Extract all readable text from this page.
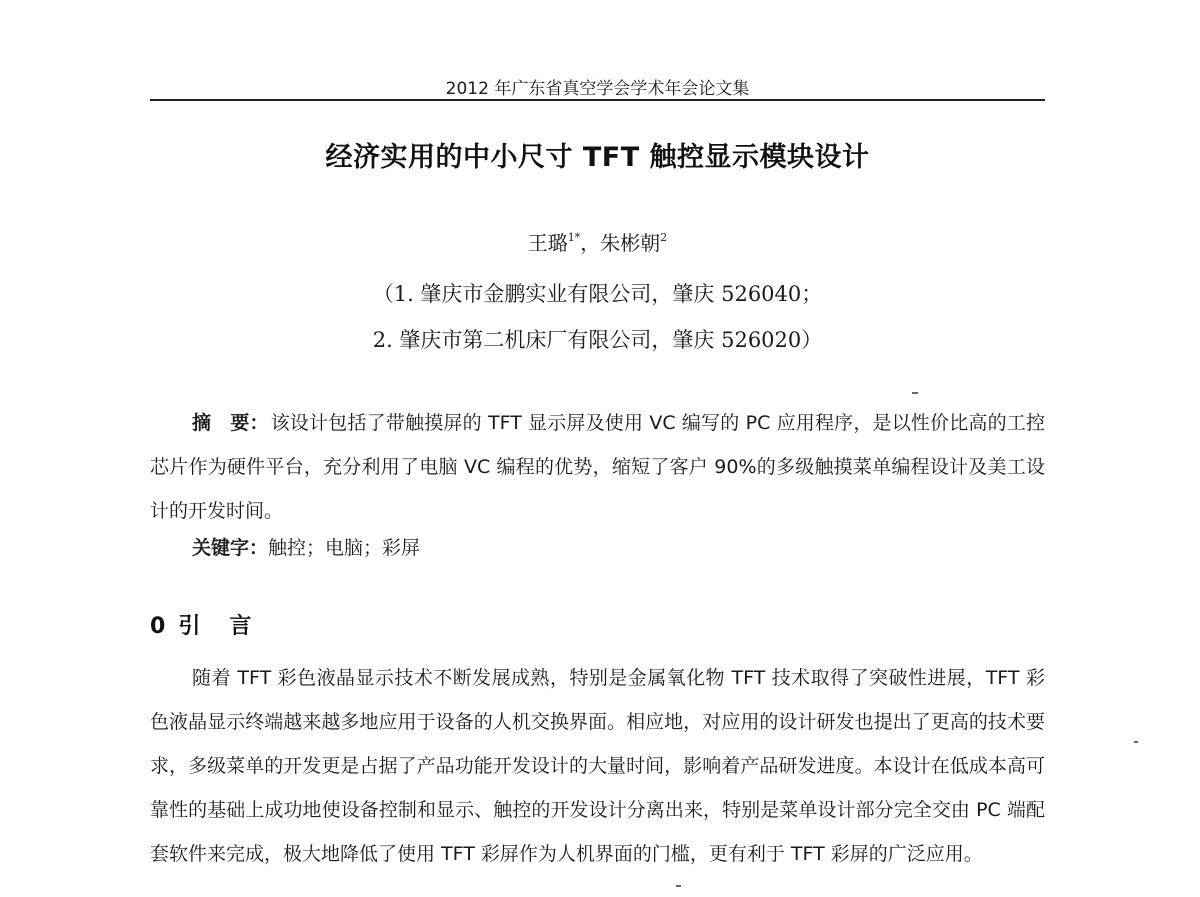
2012 年广东省真空学会学术年会论文集
经济实用的中小尺寸 TFT 触控显示模块设计
王璐$^{1*}$，朱彬朝$^2$
（1. 肇庆市金鹏实业有限公司，肇庆 526040；
2. 肇庆市第二机床厂有限公司，肇庆 526020）
摘　要： 该设计包括了带触摸屏的 TFT 显示屏及使用 VC 编写的 PC 应用程序，是以性价比高的工控芯片作为硬件平台，充分利用了电脑 VC 编程的优势，缩短了客户 90%的多级触摸菜单编程设计及美工设计的开发时间。
关键字：触控；电脑；彩屏
0 引 言
随着 TFT 彩色液晶显示技术不断发展成熟，特别是金属氧化物 TFT 技术取得了突破性进展，TFT 彩色液晶显示终端越来越多地应用于设备的人机交换界面。相应地，对应用的设计研发也提出了更高的技术要求，多级菜单的开发更是占据了产品功能开发设计的大量时间，影响着产品研发进度。本设计在低成本高可靠性的基础上成功地使设备控制和显示、触控的开发设计分离出来，特别是菜单设计部分完全交由 PC 端配套软件来完成，极大地降低了使用 TFT 彩屏作为人机界面的门槛，更有利于 TFT 彩屏的广泛应用。
